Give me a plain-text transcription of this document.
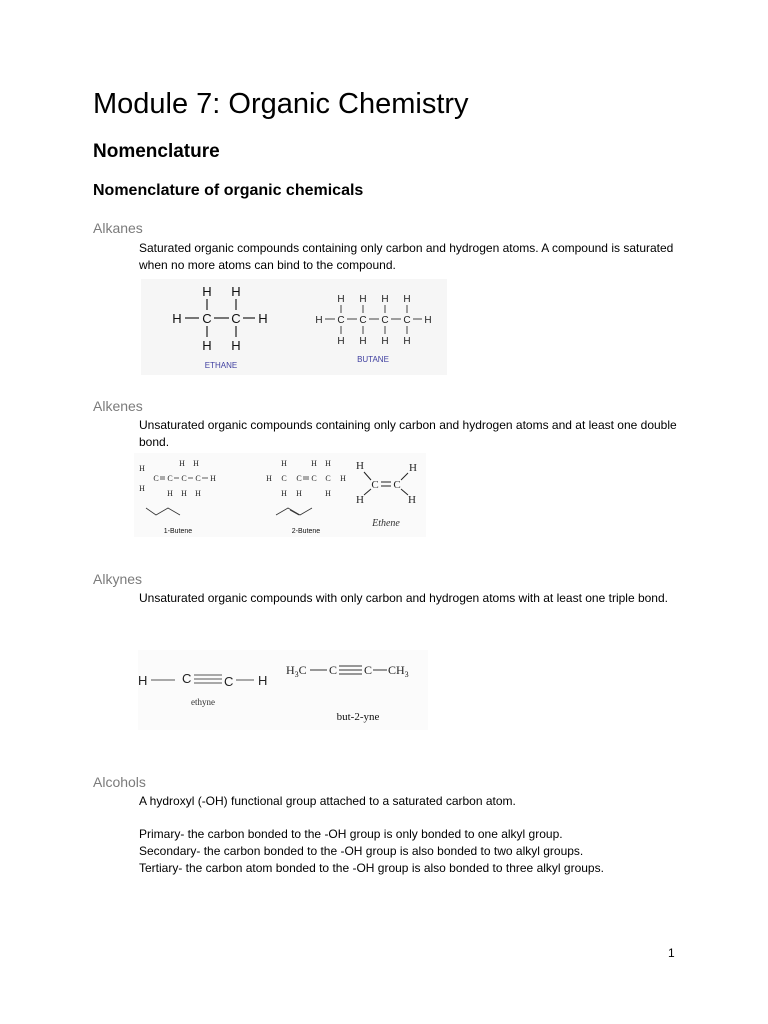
Module 7: Organic Chemistry
Nomenclature
Nomenclature of organic chemicals
Alkanes
Saturated organic compounds containing only carbon and hydrogen atoms. A compound is saturated when no more atoms can bind to the compound.
H H
H C C H
H H
ETHANE
H H H H
H C C C C H
H H H H
BUTANE
Alkenes
Unsaturated organic compounds containing only carbon and hydrogen atoms and at least one double bond.
H H
H
C C C C H
H
H H H
1-Butene
H	H H
H C C C C H
H H	H
2-Butene
H	H
C C
H	H
Ethene
Alkynes
Unsaturated organic compounds with only carbon and hydrogen atoms with at least one triple bond.
H	C	C H
ethyne
$H_3C$ C C $CH_3$
but-2-yne
Alcohols
A hydroxyl (-OH) functional group attached to a saturated carbon atom.
Primary- the carbon bonded to the -OH group is only bonded to one alkyl group.
Secondary- the carbon bonded to the -OH group is also bonded to two alkyl groups.
Tertiary- the carbon atom bonded to the -OH group is also bonded to three alkyl groups.
1
